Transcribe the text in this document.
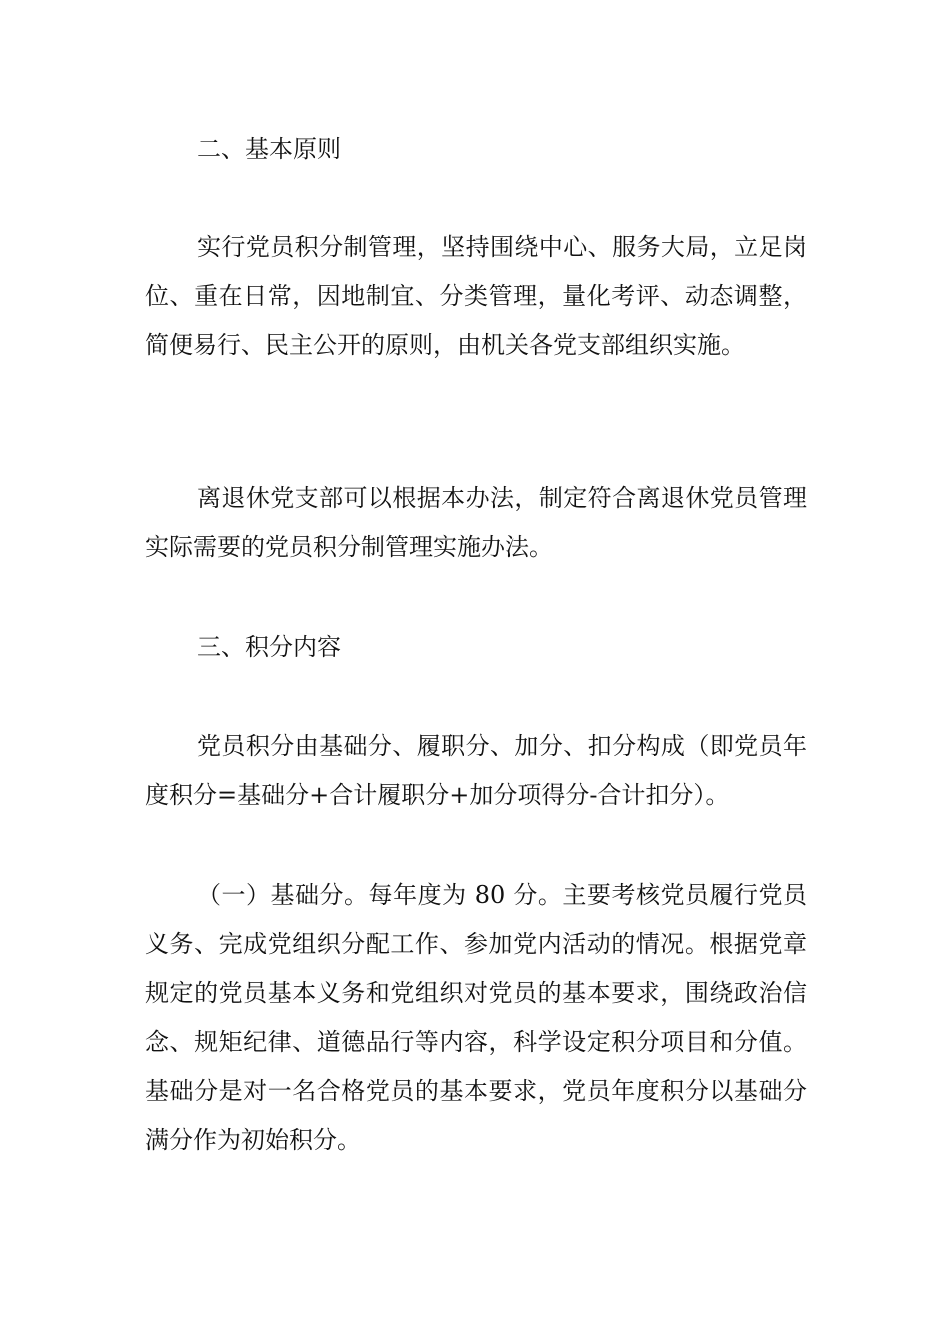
二、基本原则

实行党员积分制管理，坚持围绕中心、服务大局，立足岗位、重在日常，因地制宜、分类管理，量化考评、动态调整，简便易行、民主公开的原则，由机关各党支部组织实施。

离退休党支部可以根据本办法，制定符合离退休党员管理实际需要的党员积分制管理实施办法。

三、积分内容

党员积分由基础分、履职分、加分、扣分构成（即党员年度积分=基础分+合计履职分+加分项得分-合计扣分）。

（一）基础分。每年度为 80 分。主要考核党员履行党员义务、完成党组织分配工作、参加党内活动的情况。根据党章规定的党员基本义务和党组织对党员的基本要求，围绕政治信念、规矩纪律、道德品行等内容，科学设定积分项目和分值。基础分是对一名合格党员的基本要求，党员年度积分以基础分满分作为初始积分。
